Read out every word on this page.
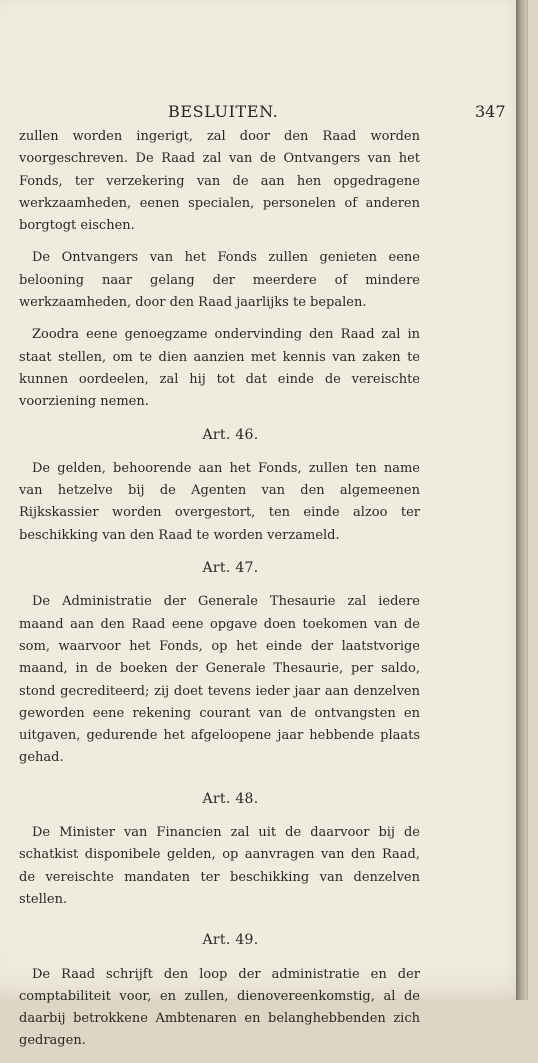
BESLUITEN.	347

zullen worden ingerigt, zal door den Raad worden voorgeschreven. De Raad zal van de Ontvangers van het Fonds, ter verzekering van de aan hen opgedragene werkzaamheden, eenen specialen, personelen of anderen borgtogt eischen.

De Ontvangers van het Fonds zullen genieten eene belooning naar gelang der meerdere of mindere werkzaamheden, door den Raad jaarlijks te bepalen.

Zoodra eene genoegzame ondervinding den Raad zal in staat stellen, om te dien aanzien met kennis van zaken te kunnen oordeelen, zal hij tot dat einde de vereischte voorziening nemen.

Art. 46.

De gelden, behoorende aan het Fonds, zullen ten name van hetzelve bij de Agenten van den algemeenen Rijkskassier worden overgestort, ten einde alzoo ter beschikking van den Raad te worden verzameld.

Art. 47.

De Administratie der Generale Thesaurie zal iedere maand aan den Raad eene opgave doen toekomen van de som, waarvoor het Fonds, op het einde der laatstvorige maand, in de boeken der Generale Thesaurie, per saldo, stond gecrediteerd; zij doet tevens ieder jaar aan denzelven geworden eene rekening courant van de ontvangsten en uitgaven, gedurende het afgeloopene jaar hebbende plaats gehad.

Art. 48.

De Minister van Financien zal uit de daarvoor bij de schatkist disponibele gelden, op aanvragen van den Raad, de vereischte mandaten ter beschikking van denzelven stellen.

Art. 49.

De Raad schrijft den loop der administratie en der comptabiliteit voor, en zullen, dienovereenkomstig, al de daarbij betrokkene Ambtenaren en belanghebbenden zich gedragen.
